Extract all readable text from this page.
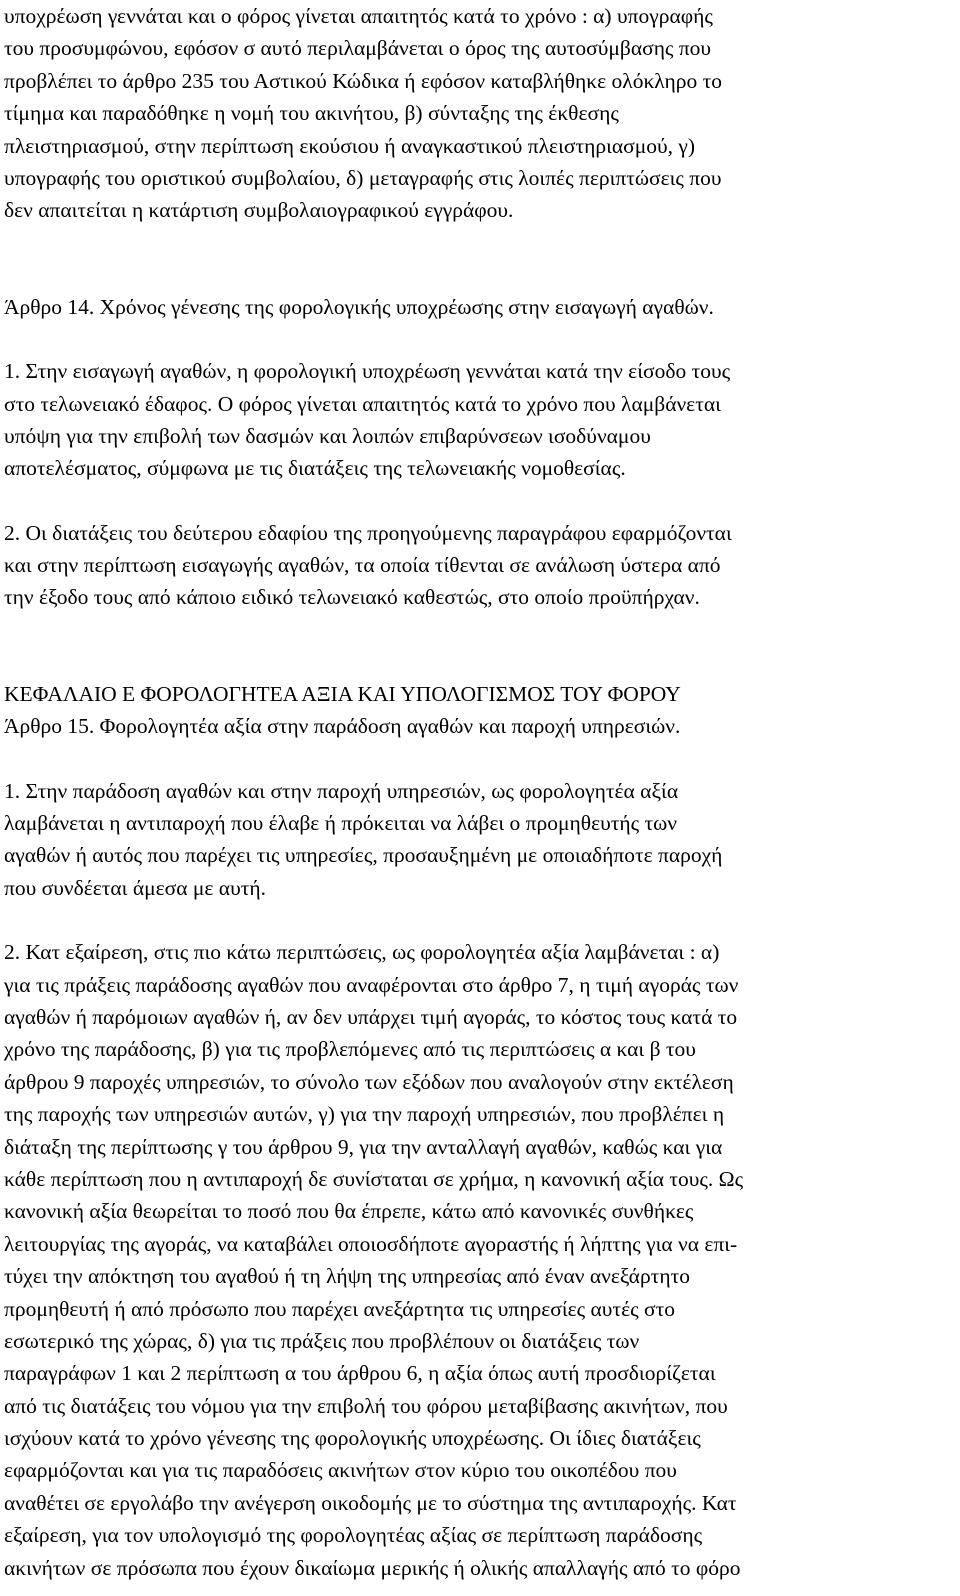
υποχρέωση γεννάται και ο φόρος γίνεται απαιτητός κατά το χρόνο : α) υπογραφής
του προσυμφώνου, εφόσον σ αυτό περιλαμβάνεται ο όρος της αυτοσύμβασης που
προβλέπει το άρθρο 235 του Αστικού Κώδικα ή εφόσον καταβλήθηκε ολόκληρο το
τίμημα και παραδόθηκε η νομή του ακινήτου, β) σύνταξης της έκθεσης
πλειστηριασμού, στην περίπτωση εκούσιου ή αναγκαστικού πλειστηριασμού, γ)
υπογραφής του οριστικού συμβολαίου, δ) μεταγραφής στις λοιπές περιπτώσεις που
δεν απαιτείται η κατάρτιση συμβολαιογραφικού εγγράφου.
Άρθρο 14. Χρόνος γένεσης της φορολογικής υποχρέωσης στην εισαγωγή αγαθών.
1. Στην εισαγωγή αγαθών, η φορολογική υποχρέωση γεννάται κατά την είσοδο τους
στο τελωνειακό έδαφος. Ο φόρος γίνεται απαιτητός κατά το χρόνο που λαμβάνεται
υπόψη για την επιβολή των δασμών και λοιπών επιβαρύνσεων ισοδύναμου
αποτελέσματος, σύμφωνα με τις διατάξεις της τελωνειακής νομοθεσίας.
2. Οι διατάξεις του δεύτερου εδαφίου της προηγούμενης παραγράφου εφαρμόζονται
και στην περίπτωση εισαγωγής αγαθών, τα οποία τίθενται σε ανάλωση ύστερα από
την έξοδο τους από κάποιο ειδικό τελωνειακό καθεστώς, στο οποίο προϋπήρχαν.
ΚΕΦΑΛΑΙΟ Ε ΦΟΡΟΛΟΓΗΤΕΑ ΑΞΙΑ ΚΑΙ ΥΠΟΛΟΓΙΣΜΟΣ ΤΟΥ ΦΟΡΟΥ
Άρθρο 15. Φορολογητέα αξία στην παράδοση αγαθών και παροχή υπηρεσιών.
1. Στην παράδοση αγαθών και στην παροχή υπηρεσιών, ως φορολογητέα αξία
λαμβάνεται η αντιπαροχή που έλαβε ή πρόκειται να λάβει ο προμηθευτής των
αγαθών ή αυτός που παρέχει τις υπηρεσίες, προσαυξημένη με οποιαδήποτε παροχή
που συνδέεται άμεσα με αυτή.
2. Κατ εξαίρεση, στις πιο κάτω περιπτώσεις, ως φορολογητέα αξία λαμβάνεται : α)
για τις πράξεις παράδοσης αγαθών που αναφέρονται στο άρθρο 7, η τιμή αγοράς των
αγαθών ή παρόμοιων αγαθών ή, αν δεν υπάρχει τιμή αγοράς, το κόστος τους κατά το
χρόνο της παράδοσης, β) για τις προβλεπόμενες από τις περιπτώσεις α και β του
άρθρου 9 παροχές υπηρεσιών, το σύνολο των εξόδων που αναλογούν στην εκτέλεση
της παροχής των υπηρεσιών αυτών, γ) για την παροχή υπηρεσιών, που προβλέπει η
διάταξη της περίπτωσης γ του άρθρου 9, για την ανταλλαγή αγαθών, καθώς και για
κάθε περίπτωση που η αντιπαροχή δε συνίσταται σε χρήμα, η κανονική αξία τους. Ως
κανονική αξία θεωρείται το ποσό που θα έπρεπε, κάτω από κανονικές συνθήκες
λειτουργίας της αγοράς, να καταβάλει οποιοσδήποτε αγοραστής ή λήπτης για να επι-
τύχει την απόκτηση του αγαθού ή τη λήψη της υπηρεσίας από έναν ανεξάρτητο
προμηθευτή ή από πρόσωπο που παρέχει ανεξάρτητα τις υπηρεσίες αυτές στο
εσωτερικό της χώρας, δ) για τις πράξεις που προβλέπουν οι διατάξεις των
παραγράφων 1 και 2 περίπτωση α του άρθρου 6, η αξία όπως αυτή προσδιορίζεται
από τις διατάξεις του νόμου για την επιβολή του φόρου μεταβίβασης ακινήτων, που
ισχύουν κατά το χρόνο γένεσης της φορολογικής υποχρέωσης. Οι ίδιες διατάξεις
εφαρμόζονται και για τις παραδόσεις ακινήτων στον κύριο του οικοπέδου που
αναθέτει σε εργολάβο την ανέγερση οικοδομής με το σύστημα της αντιπαροχής. Κατ
εξαίρεση, για τον υπολογισμό της φορολογητέας αξίας σε περίπτωση παράδοσης
ακινήτων σε πρόσωπα που έχουν δικαίωμα μερικής ή ολικής απαλλαγής από το φόρο
